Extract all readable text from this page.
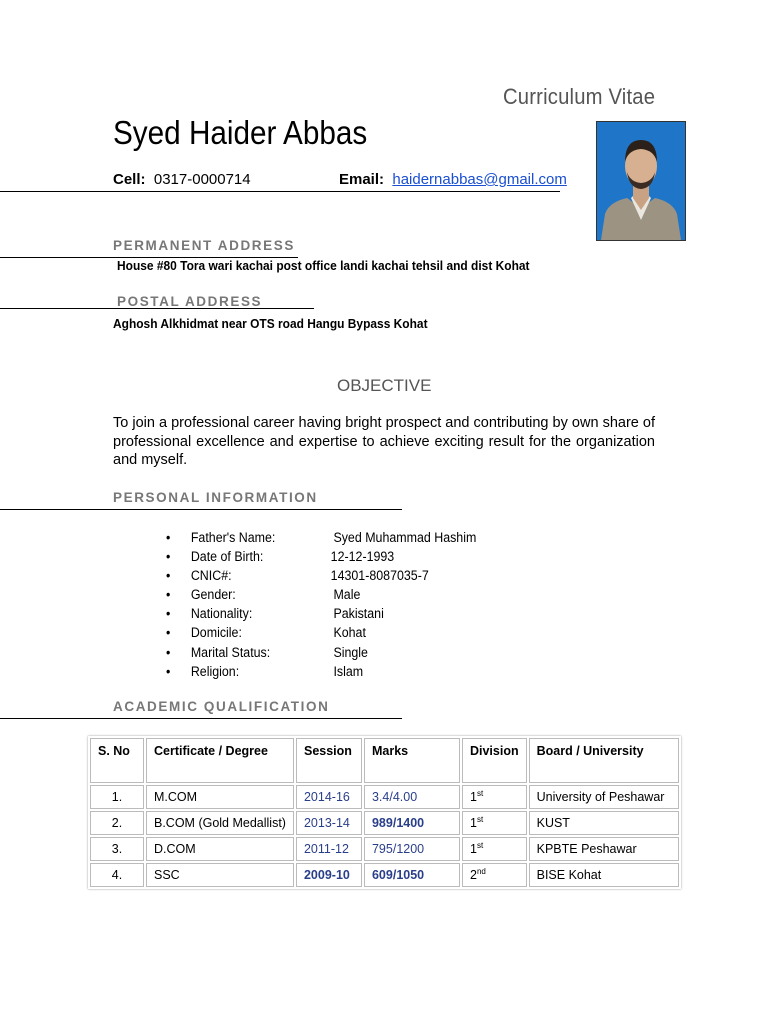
Curriculum Vitae
Syed Haider Abbas
Cell: 0317-0000714	Email: haidernabbas@gmail.com
PERMANENT ADDRESS
House #80 Tora wari kachai post office landi kachai tehsil and dist Kohat
POSTAL ADDRESS
Aghosh Alkhidmat near OTS road Hangu Bypass Kohat
OBJECTIVE
To join a professional career having bright prospect and contributing by own share of professional excellence and expertise to achieve exciting result for the organization and myself.
PERSONAL INFORMATION
• Father's Name:	Syed Muhammad Hashim
• Date of Birth:	12-12-1993
• CNIC#:	14301-8087035-7
• Gender:	Male
• Nationality:	Pakistani
• Domicile:	Kohat
• Marital Status:	Single
• Religion:	Islam
ACADEMIC QUALIFICATION
S. No	Certificate / Degree	Session	Marks	Division	Board / University
1.	M.COM	2014-16	3.4/4.00	1st	University of Peshawar
2.	B.COM (Gold Medallist)	2013-14	989/1400	1st	KUST
3.	D.COM	2011-12	795/1200	1st	KPBTE Peshawar
4.	SSC	2009-10	609/1050	2nd	BISE Kohat
